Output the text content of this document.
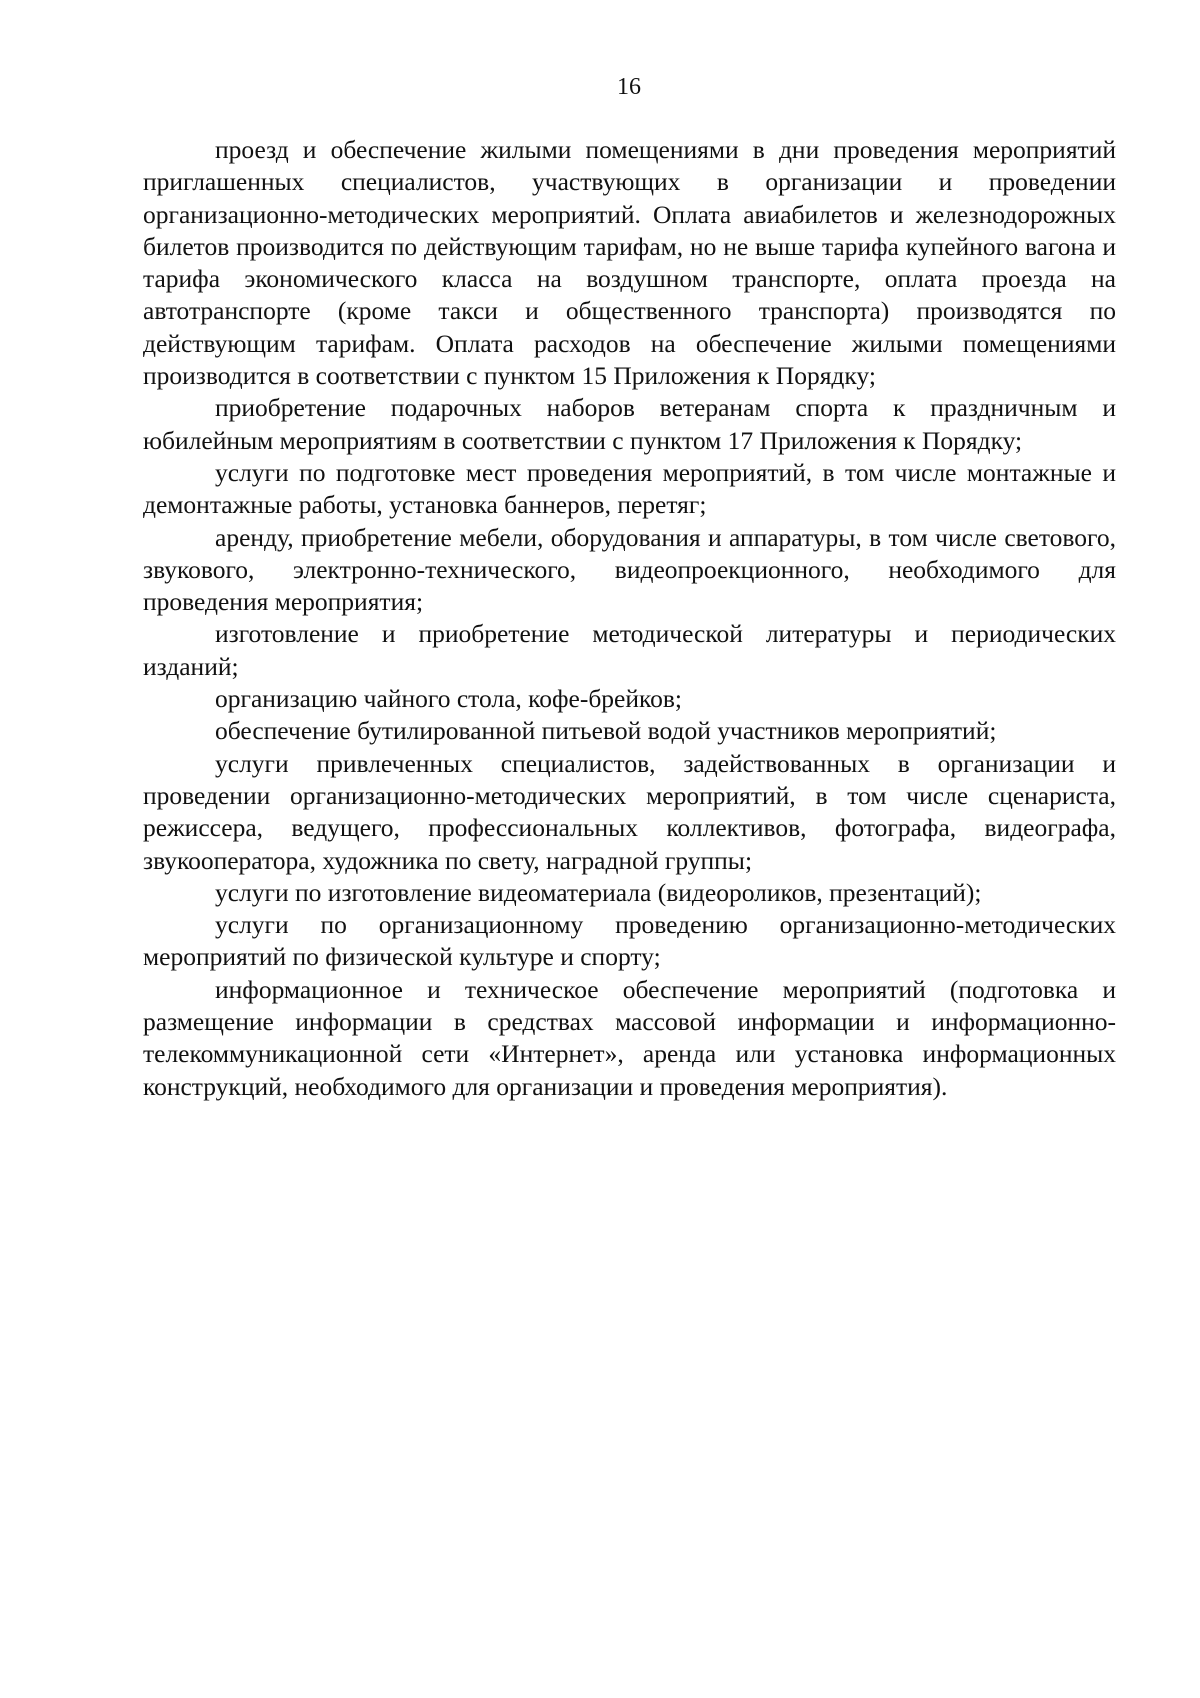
16

проезд и обеспечение жилыми помещениями в дни проведения мероприятий приглашенных специалистов, участвующих в организации и проведении организационно-методических мероприятий. Оплата авиабилетов и железнодорожных билетов производится по действующим тарифам, но не выше тарифа купейного вагона и тарифа экономического класса на воздушном транспорте, оплата проезда на автотранспорте (кроме такси и общественного транспорта) производятся по действующим тарифам. Оплата расходов на обеспечение жилыми помещениями производится в соответствии с пунктом 15 Приложения к Порядку;

приобретение подарочных наборов ветеранам спорта к праздничным и юбилейным мероприятиям в соответствии с пунктом 17 Приложения к Порядку;

услуги по подготовке мест проведения мероприятий, в том числе монтажные и демонтажные работы, установка баннеров, перетяг;

аренду, приобретение мебели, оборудования и аппаратуры, в том числе светового, звукового, электронно-технического, видеопроекционного, необходимого для проведения мероприятия;

изготовление и приобретение методической литературы и периодических изданий;

организацию чайного стола, кофе-брейков;

обеспечение бутилированной питьевой водой участников мероприятий;

услуги привлеченных специалистов, задействованных в организации и проведении организационно-методических мероприятий, в том числе сценариста, режиссера, ведущего, профессиональных коллективов, фотографа, видеографа, звукооператора, художника по свету, наградной группы;

услуги по изготовление видеоматериала (видеороликов, презентаций);

услуги по организационному проведению организационно-методических мероприятий по физической культуре и спорту;

информационное и техническое обеспечение мероприятий (подготовка и размещение информации в средствах массовой информации и информационно-телекоммуникационной сети «Интернет», аренда или установка информационных конструкций, необходимого для организации и проведения мероприятия).
